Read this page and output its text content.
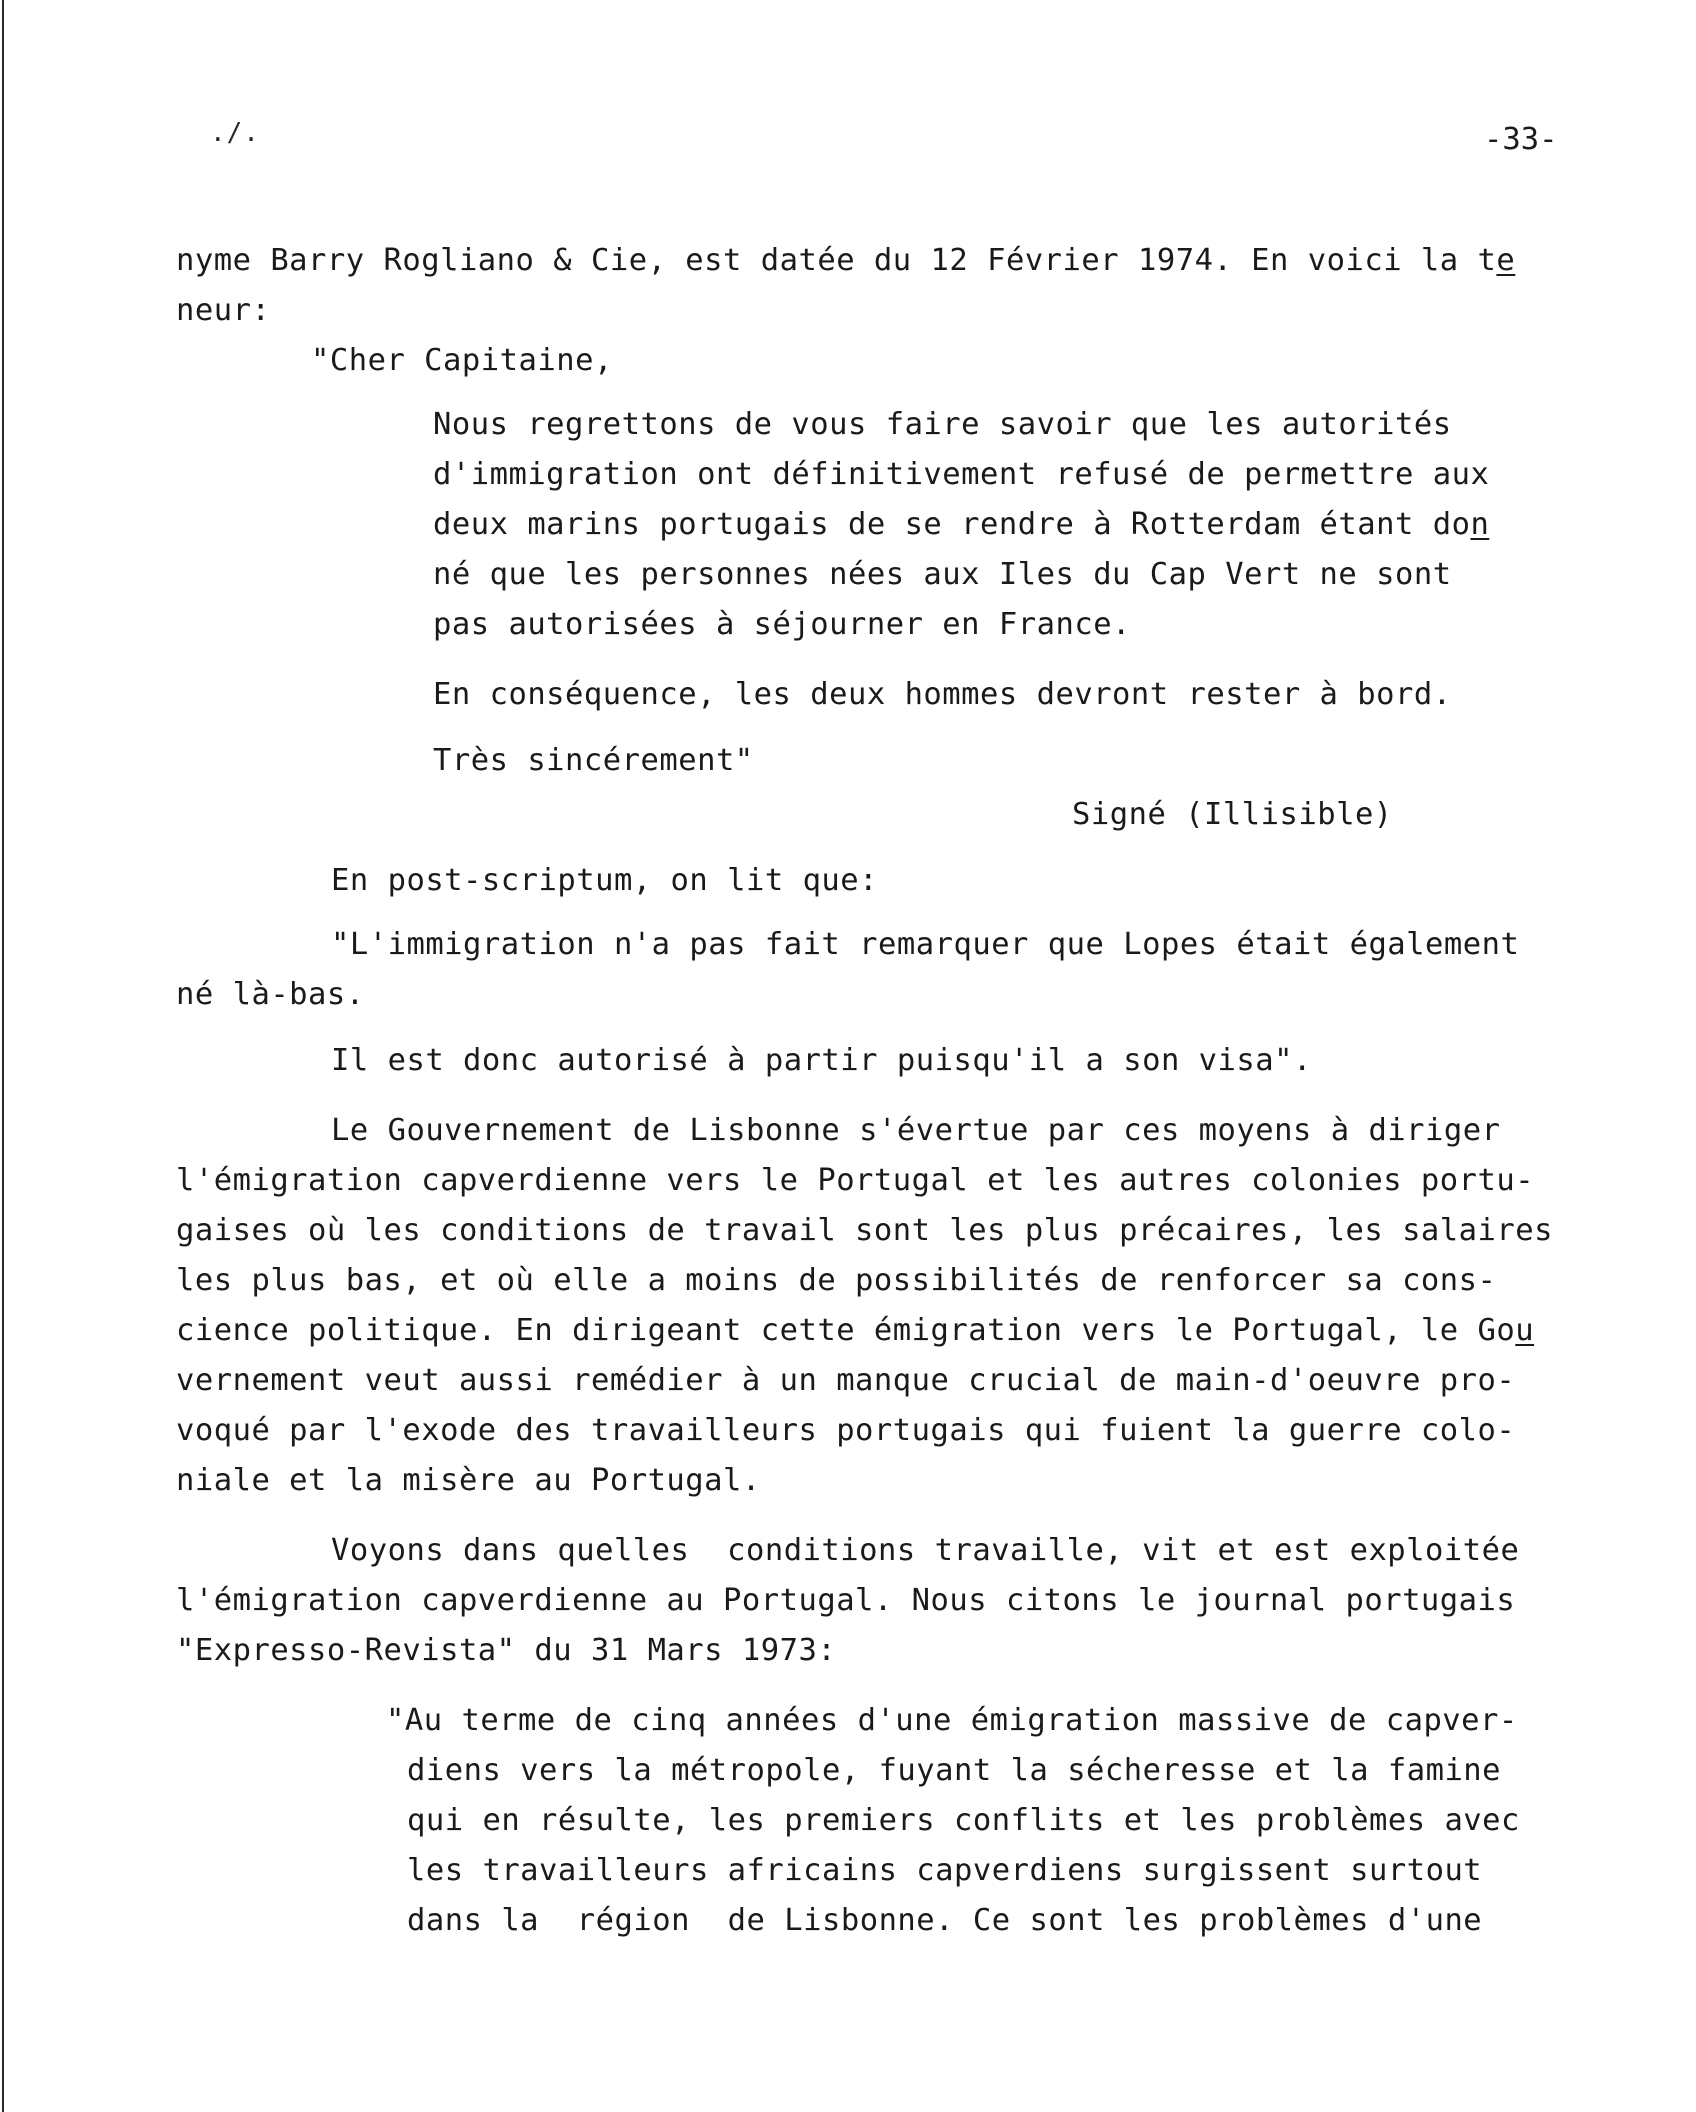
./.	-33-
nyme Barry Rogliano & Cie, est datée du 12 Février 1974. En voici la te
neur:
"Cher Capitaine,
Nous regrettons de vous faire savoir que les autorités
d'immigration ont définitivement refusé de permettre aux
deux marins portugais de se rendre à Rotterdam étant don
né que les personnes nées aux Iles du Cap Vert ne sont
pas autorisées à séjourner en France.
En conséquence, les deux hommes devront rester à bord.
Très sincérement"
Signé (Illisible)
En post-scriptum, on lit que:
"L'immigration n'a pas fait remarquer que Lopes était également
né là-bas.
Il est donc autorisé à partir puisqu'il a son visa".
Le Gouvernement de Lisbonne s'évertue par ces moyens à diriger
l'émigration capverdienne vers le Portugal et les autres colonies portu-
gaises où les conditions de travail sont les plus précaires, les salaires
les plus bas, et où elle a moins de possibilités de renforcer sa cons-
cience politique. En dirigeant cette émigration vers le Portugal, le Gou
vernement veut aussi remédier à un manque crucial de main-d'oeuvre pro-
voqué par l'exode des travailleurs portugais qui fuient la guerre colo-
niale et la misère au Portugal.
Voyons dans quelles  conditions travaille, vit et est exploitée
l'émigration capverdienne au Portugal. Nous citons le journal portugais
"Expresso-Revista" du 31 Mars 1973:
"Au terme de cinq années d'une émigration massive de capver-
diens vers la métropole, fuyant la sécheresse et la famine
qui en résulte, les premiers conflits et les problèmes avec
les travailleurs africains capverdiens surgissent surtout
dans la  région  de Lisbonne. Ce sont les problèmes d'une
